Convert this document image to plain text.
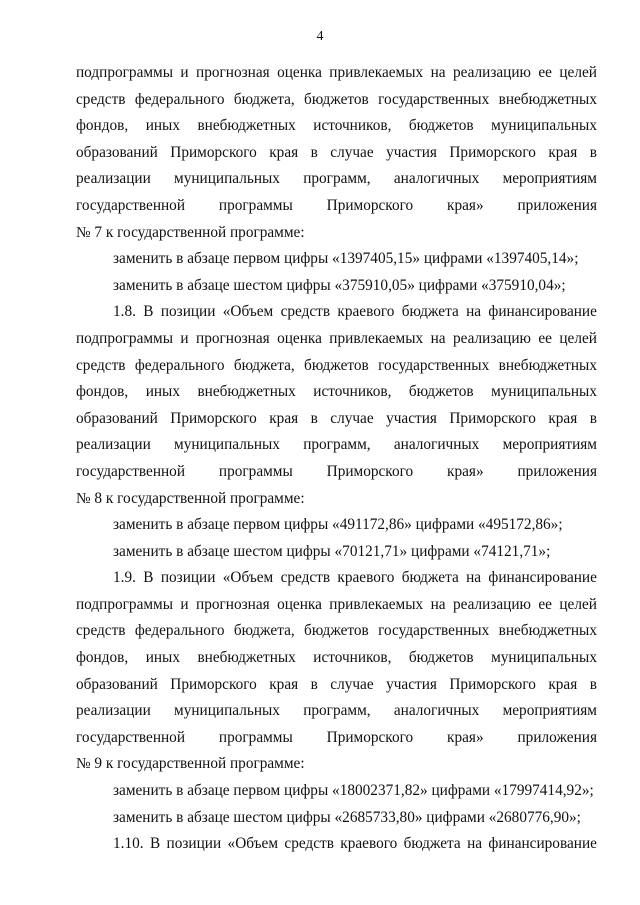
4
подпрограммы и прогнозная оценка привлекаемых на реализацию ее целей
средств федерального бюджета, бюджетов государственных внебюджетных
фондов, иных внебюджетных источников, бюджетов муниципальных
образований Приморского края в случае участия Приморского края в
реализации муниципальных программ, аналогичных мероприятиям
государственной программы Приморского края» приложения
№ 7 к государственной программе:
заменить в абзаце первом цифры «1397405,15» цифрами «1397405,14»;
заменить в абзаце шестом цифры «375910,05» цифрами «375910,04»;
1.8. В позиции «Объем средств краевого бюджета на финансирование
подпрограммы и прогнозная оценка привлекаемых на реализацию ее целей
средств федерального бюджета, бюджетов государственных внебюджетных
фондов, иных внебюджетных источников, бюджетов муниципальных
образований Приморского края в случае участия Приморского края в
реализации муниципальных программ, аналогичных мероприятиям
государственной программы Приморского края» приложения
№ 8 к государственной программе:
заменить в абзаце первом цифры «491172,86» цифрами «495172,86»;
заменить в абзаце шестом цифры «70121,71» цифрами «74121,71»;
1.9. В позиции «Объем средств краевого бюджета на финансирование
подпрограммы и прогнозная оценка привлекаемых на реализацию ее целей
средств федерального бюджета, бюджетов государственных внебюджетных
фондов, иных внебюджетных источников, бюджетов муниципальных
образований Приморского края в случае участия Приморского края в
реализации муниципальных программ, аналогичных мероприятиям
государственной программы Приморского края» приложения
№ 9 к государственной программе:
заменить в абзаце первом цифры «18002371,82» цифрами «17997414,92»;
заменить в абзаце шестом цифры «2685733,80» цифрами «2680776,90»;
1.10. В позиции «Объем средств краевого бюджета на финансирование
